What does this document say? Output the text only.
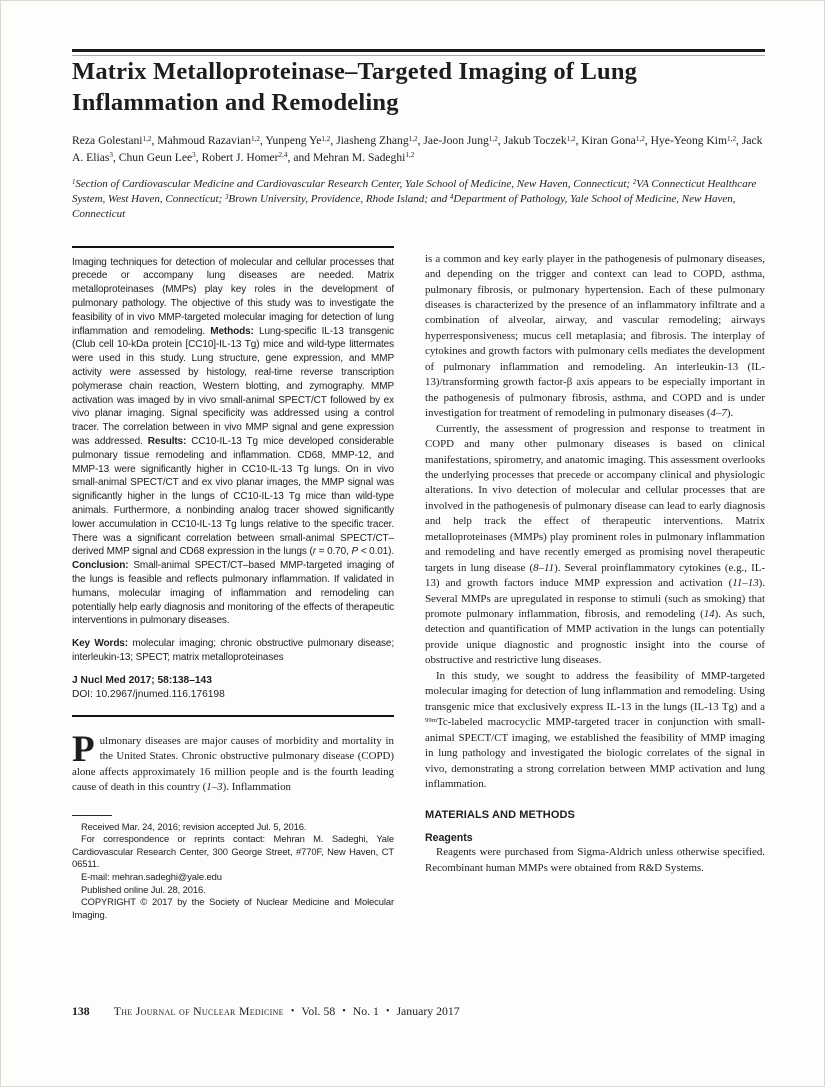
Matrix Metalloproteinase–Targeted Imaging of Lung
Inflammation and Remodeling
Reza Golestani$^{1,2}$, Mahmoud Razavian$^{1,2}$, Yunpeng Ye$^{1,2}$, Jiasheng Zhang$^{1,2}$, Jae-Joon Jung$^{1,2}$, Jakub Toczek$^{1,2}$, Kiran Gona$^{1,2}$, Hye-Yeong Kim$^{1,2}$, Jack A. Elias$^3$, Chun Geun Lee$^3$, Robert J. Homer$^{2,4}$, and Mehran M. Sadeghi$^{1,2}$
$^1$Section of Cardiovascular Medicine and Cardiovascular Research Center, Yale School of Medicine, New Haven, Connecticut; $^2$VA Connecticut Healthcare System, West Haven, Connecticut; $^3$Brown University, Providence, Rhode Island; and $^4$Department of Pathology, Yale School of Medicine, New Haven, Connecticut

Imaging techniques for detection of molecular and cellular processes that precede or accompany lung diseases are needed. Matrix metalloproteinases (MMPs) play key roles in the development of pulmonary pathology. The objective of this study was to investigate the feasibility of in vivo MMP-targeted molecular imaging for detection of lung inflammation and remodeling. Methods: Lung-specific IL-13 transgenic (Club cell 10-kDa protein [CC10]-IL-13 Tg) mice and wild-type littermates were used in this study. Lung structure, gene expression, and MMP activity were assessed by histology, real-time reverse transcription polymerase chain reaction, Western blotting, and zymography. MMP activation was imaged by in vivo small-animal SPECT/CT followed by ex vivo planar imaging. Signal specificity was addressed using a control tracer. The correlation between in vivo MMP signal and gene expression was addressed. Results: CC10-IL-13 Tg mice developed considerable pulmonary tissue remodeling and inflammation. CD68, MMP-12, and MMP-13 were significantly higher in CC10-IL-13 Tg lungs. On in vivo small-animal SPECT/CT and ex vivo planar images, the MMP signal was significantly higher in the lungs of CC10-IL-13 Tg mice than wild-type animals. Furthermore, a nonbinding analog tracer showed significantly lower accumulation in CC10-IL-13 Tg lungs relative to the specific tracer. There was a significant correlation between small-animal SPECT/CT–derived MMP signal and CD68 expression in the lungs (r = 0.70, P < 0.01). Conclusion: Small-animal SPECT/CT–based MMP-targeted imaging of the lungs is feasible and reflects pulmonary inflammation. If validated in humans, molecular imaging of inflammation and remodeling can potentially help early diagnosis and monitoring of the effects of therapeutic interventions in pulmonary diseases.

Key Words: molecular imaging; chronic obstructive pulmonary disease; interleukin-13; SPECT; matrix metalloproteinases

J Nucl Med 2017; 58:138–143
DOI: 10.2967/jnumed.116.176198

Pulmonary diseases are major causes of morbidity and mortality in the United States. Chronic obstructive pulmonary disease (COPD) alone affects approximately 16 million people and is the fourth leading cause of death in this country (1–3). Inflammation

Received Mar. 24, 2016; revision accepted Jul. 5, 2016.

For correspondence or reprints contact: Mehran M. Sadeghi, Yale Cardiovascular Research Center, 300 George Street, #770F, New Haven, CT 06511.

E-mail: mehran.sadeghi@yale.edu

Published online Jul. 28, 2016.

COPYRIGHT © 2017 by the Society of Nuclear Medicine and Molecular Imaging.

is a common and key early player in the pathogenesis of pulmonary diseases, and depending on the trigger and context can lead to COPD, asthma, pulmonary fibrosis, or pulmonary hypertension. Each of these pulmonary diseases is characterized by the presence of an inflammatory infiltrate and a combination of alveolar, airway, and vascular remodeling; airways hyperresponsiveness; mucus cell metaplasia; and fibrosis. The interplay of cytokines and growth factors with pulmonary cells mediates the development of pulmonary inflammation and remodeling. An interleukin-13 (IL-13)/transforming growth factor-β axis appears to be especially important in the pathogenesis of pulmonary fibrosis, asthma, and COPD and is under investigation for treatment of remodeling in pulmonary diseases (4–7).

Currently, the assessment of progression and response to treatment in COPD and many other pulmonary diseases is based on clinical manifestations, spirometry, and anatomic imaging. This assessment overlooks the underlying processes that precede or accompany clinical and physiologic alterations. In vivo detection of molecular and cellular processes that are involved in the pathogenesis of pulmonary disease can lead to early diagnosis and help track the effect of therapeutic interventions. Matrix metalloproteinases (MMPs) play prominent roles in pulmonary inflammation and remodeling and have recently emerged as promising novel therapeutic targets in lung disease (8–11). Several proinflammatory cytokines (e.g., IL-13) and growth factors induce MMP expression and activation (11–13). Several MMPs are upregulated in response to stimuli (such as smoking) that promote pulmonary inflammation, fibrosis, and remodeling (14). As such, detection and quantification of MMP activation in the lungs can potentially provide unique diagnostic and prognostic insight into the course of obstructive and restrictive lung diseases.

In this study, we sought to address the feasibility of MMP-targeted molecular imaging for detection of lung inflammation and remodeling. Using transgenic mice that exclusively express IL-13 in the lungs (IL-13 Tg) and a $^{99m}$Tc-labeled macrocyclic MMP-targeted tracer in conjunction with small-animal SPECT/CT imaging, we established the feasibility of MMP imaging in lung pathology and investigated the biologic correlates of the signal in vivo, demonstrating a strong correlation between MMP activation and lung inflammation.

MATERIALS AND METHODS
Reagents

Reagents were purchased from Sigma-Aldrich unless otherwise specified. Recombinant human MMPs were obtained from R&D Systems.

138 The Journal of Nuclear Medicine • Vol. 58 • No. 1 • January 2017
